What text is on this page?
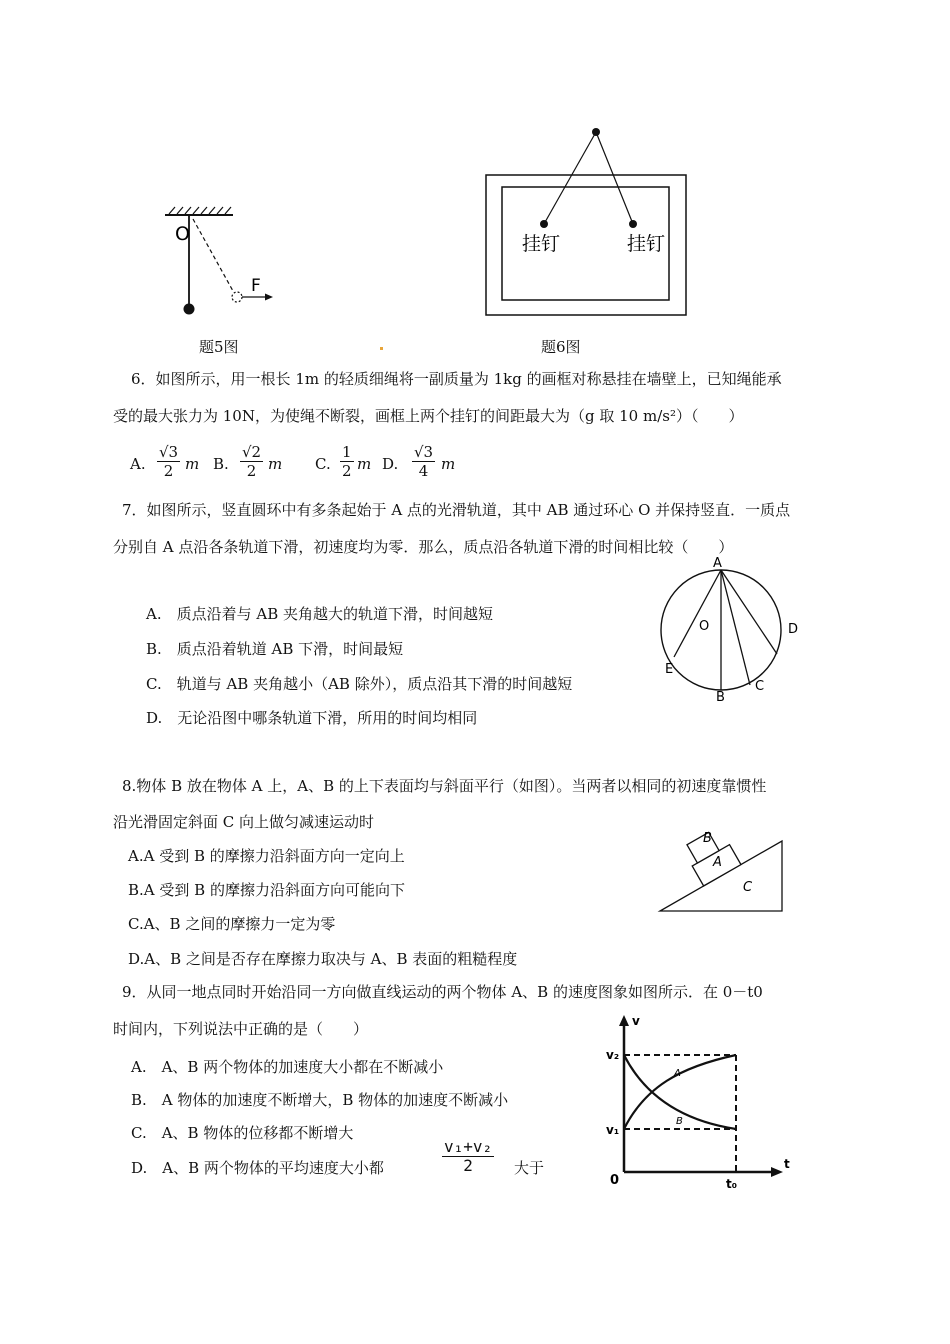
O
F
题5图
挂钉	挂钉
题6图
6．如图所示，用一根长 1m 的轻质细绳将一副质量为 1kg 的画框对称悬挂在墙壁上，已知绳能承
受的最大张力为 10N，为使绳不断裂，画框上两个挂钉的间距最大为（g 取 10 m/s²）（　　）
A. $\frac{√3}{2}$ m B. $\frac{√2}{2}$ m C. $\frac{1}{2}$ m D. $\frac{√3}{4}$ m
7．如图所示，竖直圆环中有多条起始于 A 点的光滑轨道，其中 AB 通过环心 O 并保持竖直．一质点
分别自 A 点沿各条轨道下滑，初速度均为零．那么，质点沿各轨道下滑的时间相比较（　　）
A.　质点沿着与 AB 夹角越大的轨道下滑，时间越短
B.　质点沿着轨道 AB 下滑，时间最短
C.　轨道与 AB 夹角越小（AB 除外），质点沿其下滑的时间越短
D.　无论沿图中哪条轨道下滑，所用的时间均相同
A
O	D
E
B
C
8.物体 B 放在物体 A 上，A、B 的上下表面均与斜面平行（如图）。当两者以相同的初速度靠惯性
沿光滑固定斜面 C 向上做匀减速运动时
A.A 受到 B 的摩擦力沿斜面方向一定向上
B.A 受到 B 的摩擦力沿斜面方向可能向下
C.A、B 之间的摩擦力一定为零
D.A、B 之间是否存在摩擦力取决与 A、B 表面的粗糙程度
B
A
C
9．从同一地点同时开始沿同一方向做直线运动的两个物体 A、B 的速度图象如图所示．在 0－t0
时间内，下列说法中正确的是（　　）
A.　A、B 两个物体的加速度大小都在不断减小
B.　A 物体的加速度不断增大，B 物体的加速度不断减小
C.　A、B 物体的位移都不断增大
D.　A、B 两个物体的平均速度大小都	$\frac{\text{v₁+v₂}}{2}$ 大于
v
t
0
v₂
v₁
t₀
A
B
